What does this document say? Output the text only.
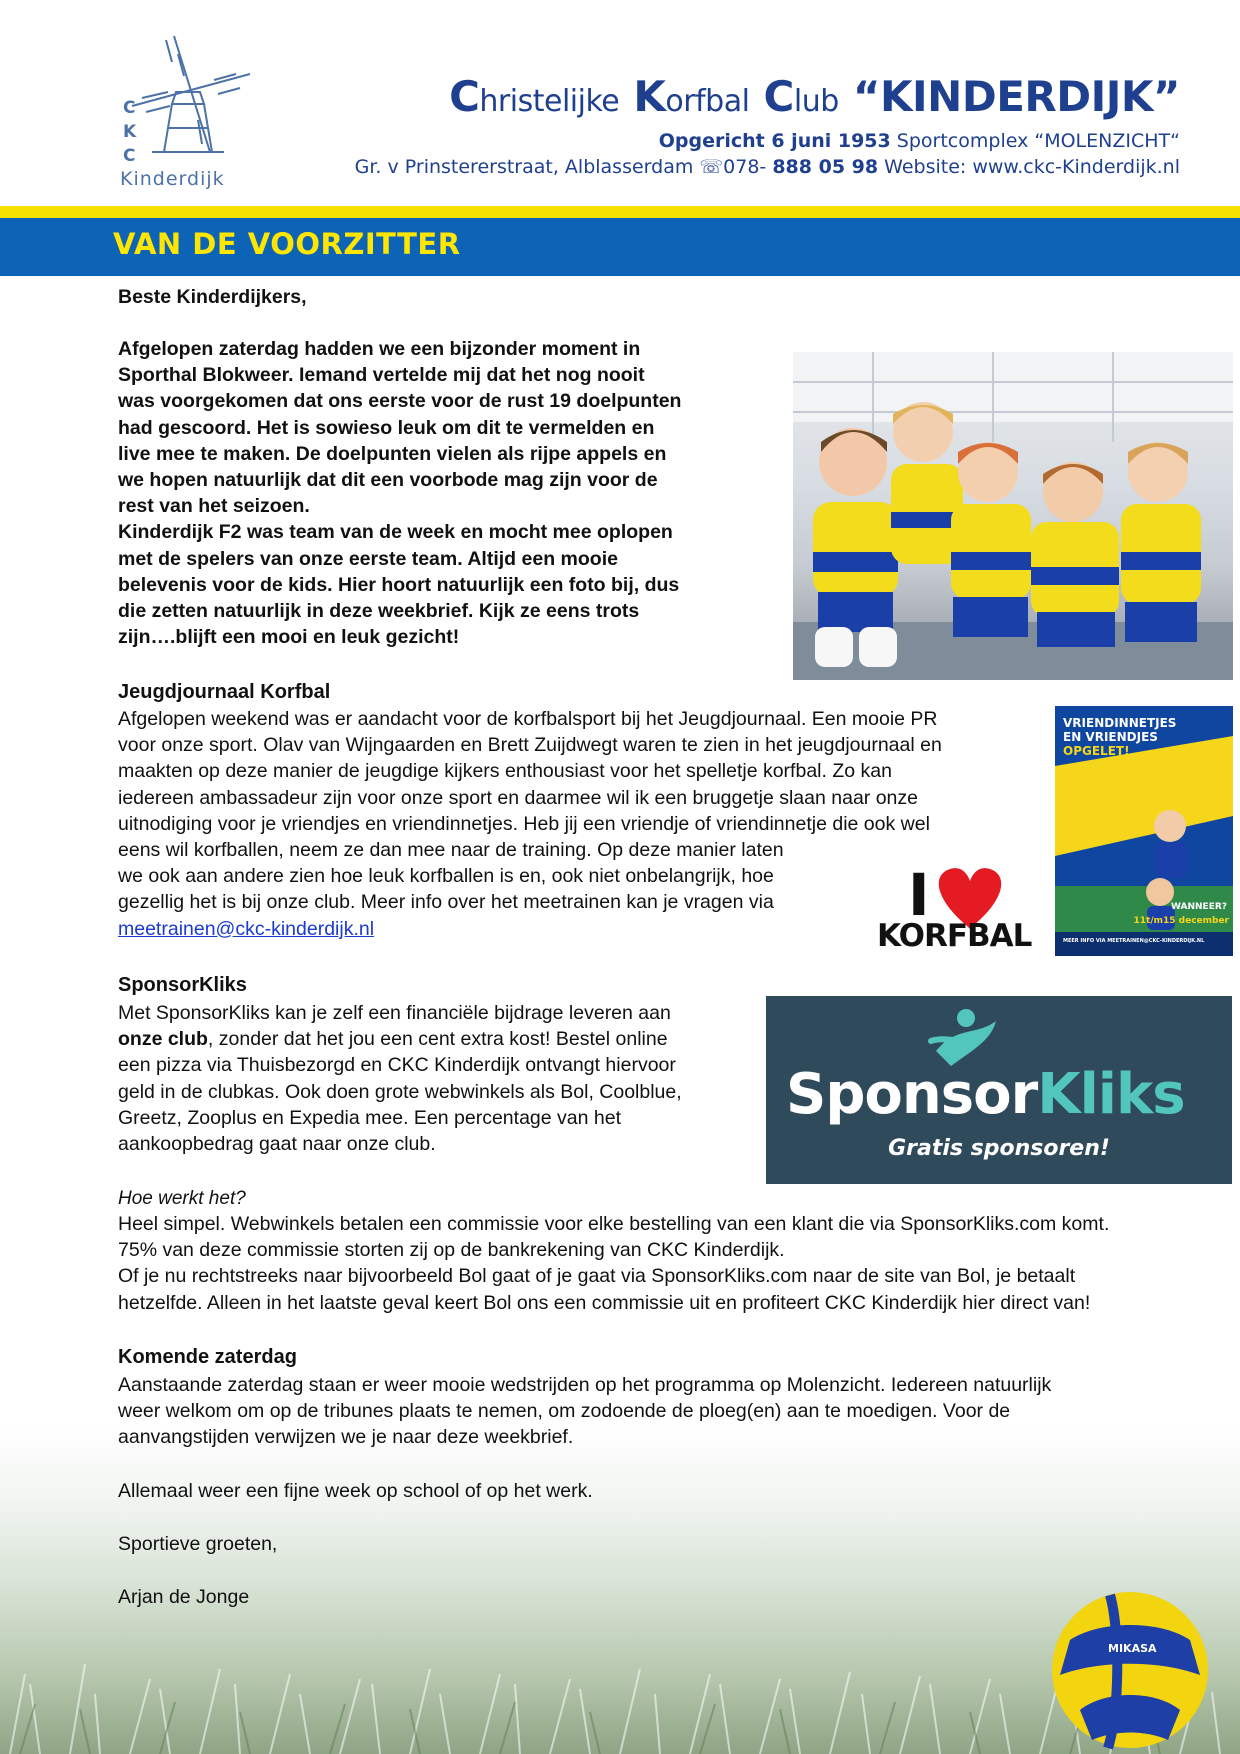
C
K
C
Kinderdijk
Christelijke Korfbal Club “KINDERDIJK”
Opgericht 6 juni 1953 Sportcomplex “MOLENZICHT“
Gr. v Prinstererstraat, Alblasserdam ☏078- 888 05 98 Website: www.ckc-Kinderdijk.nl
VAN DE VOORZITTER
Beste Kinderdijkers,
Afgelopen zaterdag hadden we een bijzonder moment in
Sporthal Blokweer. Iemand vertelde mij dat het nog nooit
was voorgekomen dat ons eerste voor de rust 19 doelpunten
had gescoord. Het is sowieso leuk om dit te vermelden en
live mee te maken. De doelpunten vielen als rijpe appels en
we hopen natuurlijk dat dit een voorbode mag zijn voor de
rest van het seizoen.
Kinderdijk F2 was team van de week en mocht mee oplopen
met de spelers van onze eerste team. Altijd een mooie
belevenis voor de kids. Hier hoort natuurlijk een foto bij, dus
die zetten natuurlijk in deze weekbrief. Kijk ze eens trots
zijn….blijft een mooi en leuk gezicht!
Jeugdjournaal Korfbal
Afgelopen weekend was er aandacht voor de korfbalsport bij het Jeugdjournaal. Een mooie PR
voor onze sport. Olav van Wijngaarden en Brett Zuijdwegt waren te zien in het jeugdjournaal en
maakten op deze manier de jeugdige kijkers enthousiast voor het spelletje korfbal. Zo kan
iedereen ambassadeur zijn voor onze sport en daarmee wil ik een bruggetje slaan naar onze
uitnodiging voor je vriendjes en vriendinnetjes. Heb jij een vriendje of vriendinnetje die ook wel
eens wil korfballen, neem ze dan mee naar de training. Op deze manier laten
we ook aan andere zien hoe leuk korfballen is en, ook niet onbelangrijk, hoe
gezellig het is bij onze club. Meer info over het meetrainen kan je vragen via
meetrainen@ckc-kinderdijk.nl	I
KORFBAL
VRIENDINNETJES
EN VRIENDJES
OPGELET!
WANNEER?
11t/m15 december
MEER INFO VIA MEETRAINEN@CKC-KINDERDIJK.NL
SponsorKliks
Met SponsorKliks kan je zelf een financiële bijdrage leveren aan
onze club, zonder dat het jou een cent extra kost! Bestel online
een pizza via Thuisbezorgd en CKC Kinderdijk ontvangt hiervoor
geld in de clubkas. Ook doen grote webwinkels als Bol, Coolblue,
Greetz, Zooplus en Expedia mee. Een percentage van het
aankoopbedrag gaat naar onze club.
SponsorKliks
Gratis sponsoren!
Hoe werkt het?
Heel simpel. Webwinkels betalen een commissie voor elke bestelling van een klant die via SponsorKliks.com komt.
75% van deze commissie storten zij op de bankrekening van CKC Kinderdijk.
Of je nu rechtstreeks naar bijvoorbeeld Bol gaat of je gaat via SponsorKliks.com naar de site van Bol, je betaalt
hetzelfde. Alleen in het laatste geval keert Bol ons een commissie uit en profiteert CKC Kinderdijk hier direct van!
Komende zaterdag
Aanstaande zaterdag staan er weer mooie wedstrijden op het programma op Molenzicht. Iedereen natuurlijk
weer welkom om op de tribunes plaats te nemen, om zodoende de ploeg(en) aan te moedigen. Voor de
aanvangstijden verwijzen we je naar deze weekbrief.
Allemaal weer een fijne week op school of op het werk.
Sportieve groeten,
Arjan de Jonge
MIKASA
